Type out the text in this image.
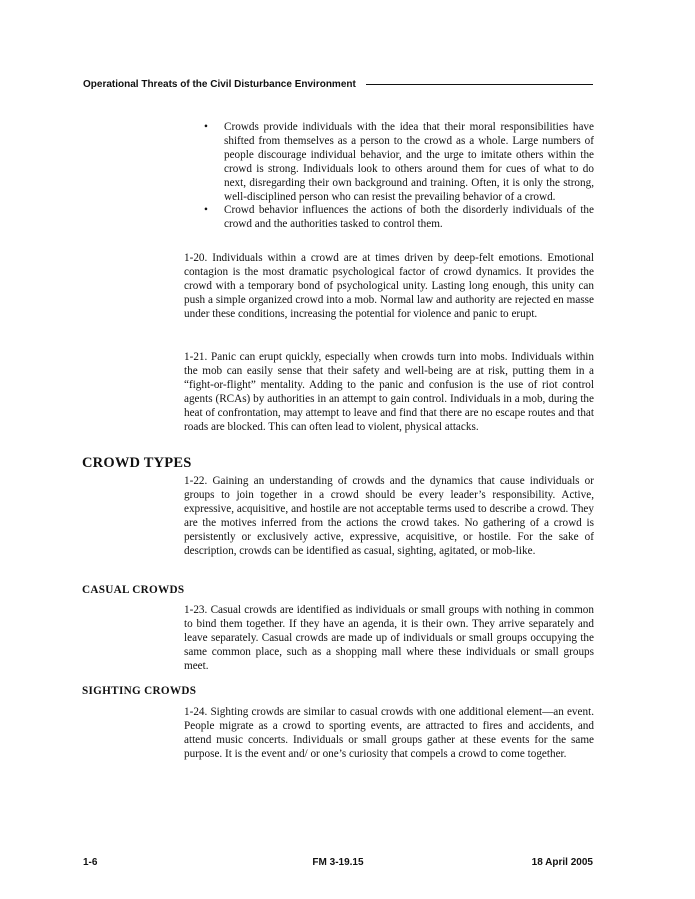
Operational Threats of the Civil Disturbance Environment
• Crowds provide individuals with the idea that their moral responsibilities have shifted from themselves as a person to the crowd as a whole. Large numbers of people discourage individual behavior, and the urge to imitate others within the crowd is strong. Individuals look to others around them for cues of what to do next, disregarding their own background and training. Often, it is only the strong, well-disciplined person who can resist the prevailing behavior of a crowd.

• Crowd behavior influences the actions of both the disorderly individuals of the crowd and the authorities tasked to control them.

1-20. Individuals within a crowd are at times driven by deep-felt emotions. Emotional contagion is the most dramatic psychological factor of crowd dynamics. It provides the crowd with a temporary bond of psychological unity. Lasting long enough, this unity can push a simple organized crowd into a mob. Normal law and authority are rejected en masse under these conditions, increasing the potential for violence and panic to erupt.

1-21. Panic can erupt quickly, especially when crowds turn into mobs. Individuals within the mob can easily sense that their safety and well-being are at risk, putting them in a “fight-or-flight” mentality. Adding to the panic and confusion is the use of riot control agents (RCAs) by authorities in an attempt to gain control. Individuals in a mob, during the heat of confrontation, may attempt to leave and find that there are no escape routes and that roads are blocked. This can often lead to violent, physical attacks.

CROWD TYPES

1-22. Gaining an understanding of crowds and the dynamics that cause individuals or groups to join together in a crowd should be every leader’s responsibility. Active, expressive, acquisitive, and hostile are not acceptable terms used to describe a crowd. They are the motives inferred from the actions the crowd takes. No gathering of a crowd is persistently or exclusively active, expressive, acquisitive, or hostile. For the sake of description, crowds can be identified as casual, sighting, agitated, or mob-like.

CASUAL CROWDS

1-23. Casual crowds are identified as individuals or small groups with nothing in common to bind them together. If they have an agenda, it is their own. They arrive separately and leave separately. Casual crowds are made up of individuals or small groups occupying the same common place, such as a shopping mall where these individuals or small groups meet.

SIGHTING CROWDS

1-24. Sighting crowds are similar to casual crowds with one additional element—an event. People migrate as a crowd to sporting events, are attracted to fires and accidents, and attend music concerts. Individuals or small groups gather at these events for the same purpose. It is the event and/ or one’s curiosity that compels a crowd to come together.

1-6	FM 3-19.15	18 April 2005
